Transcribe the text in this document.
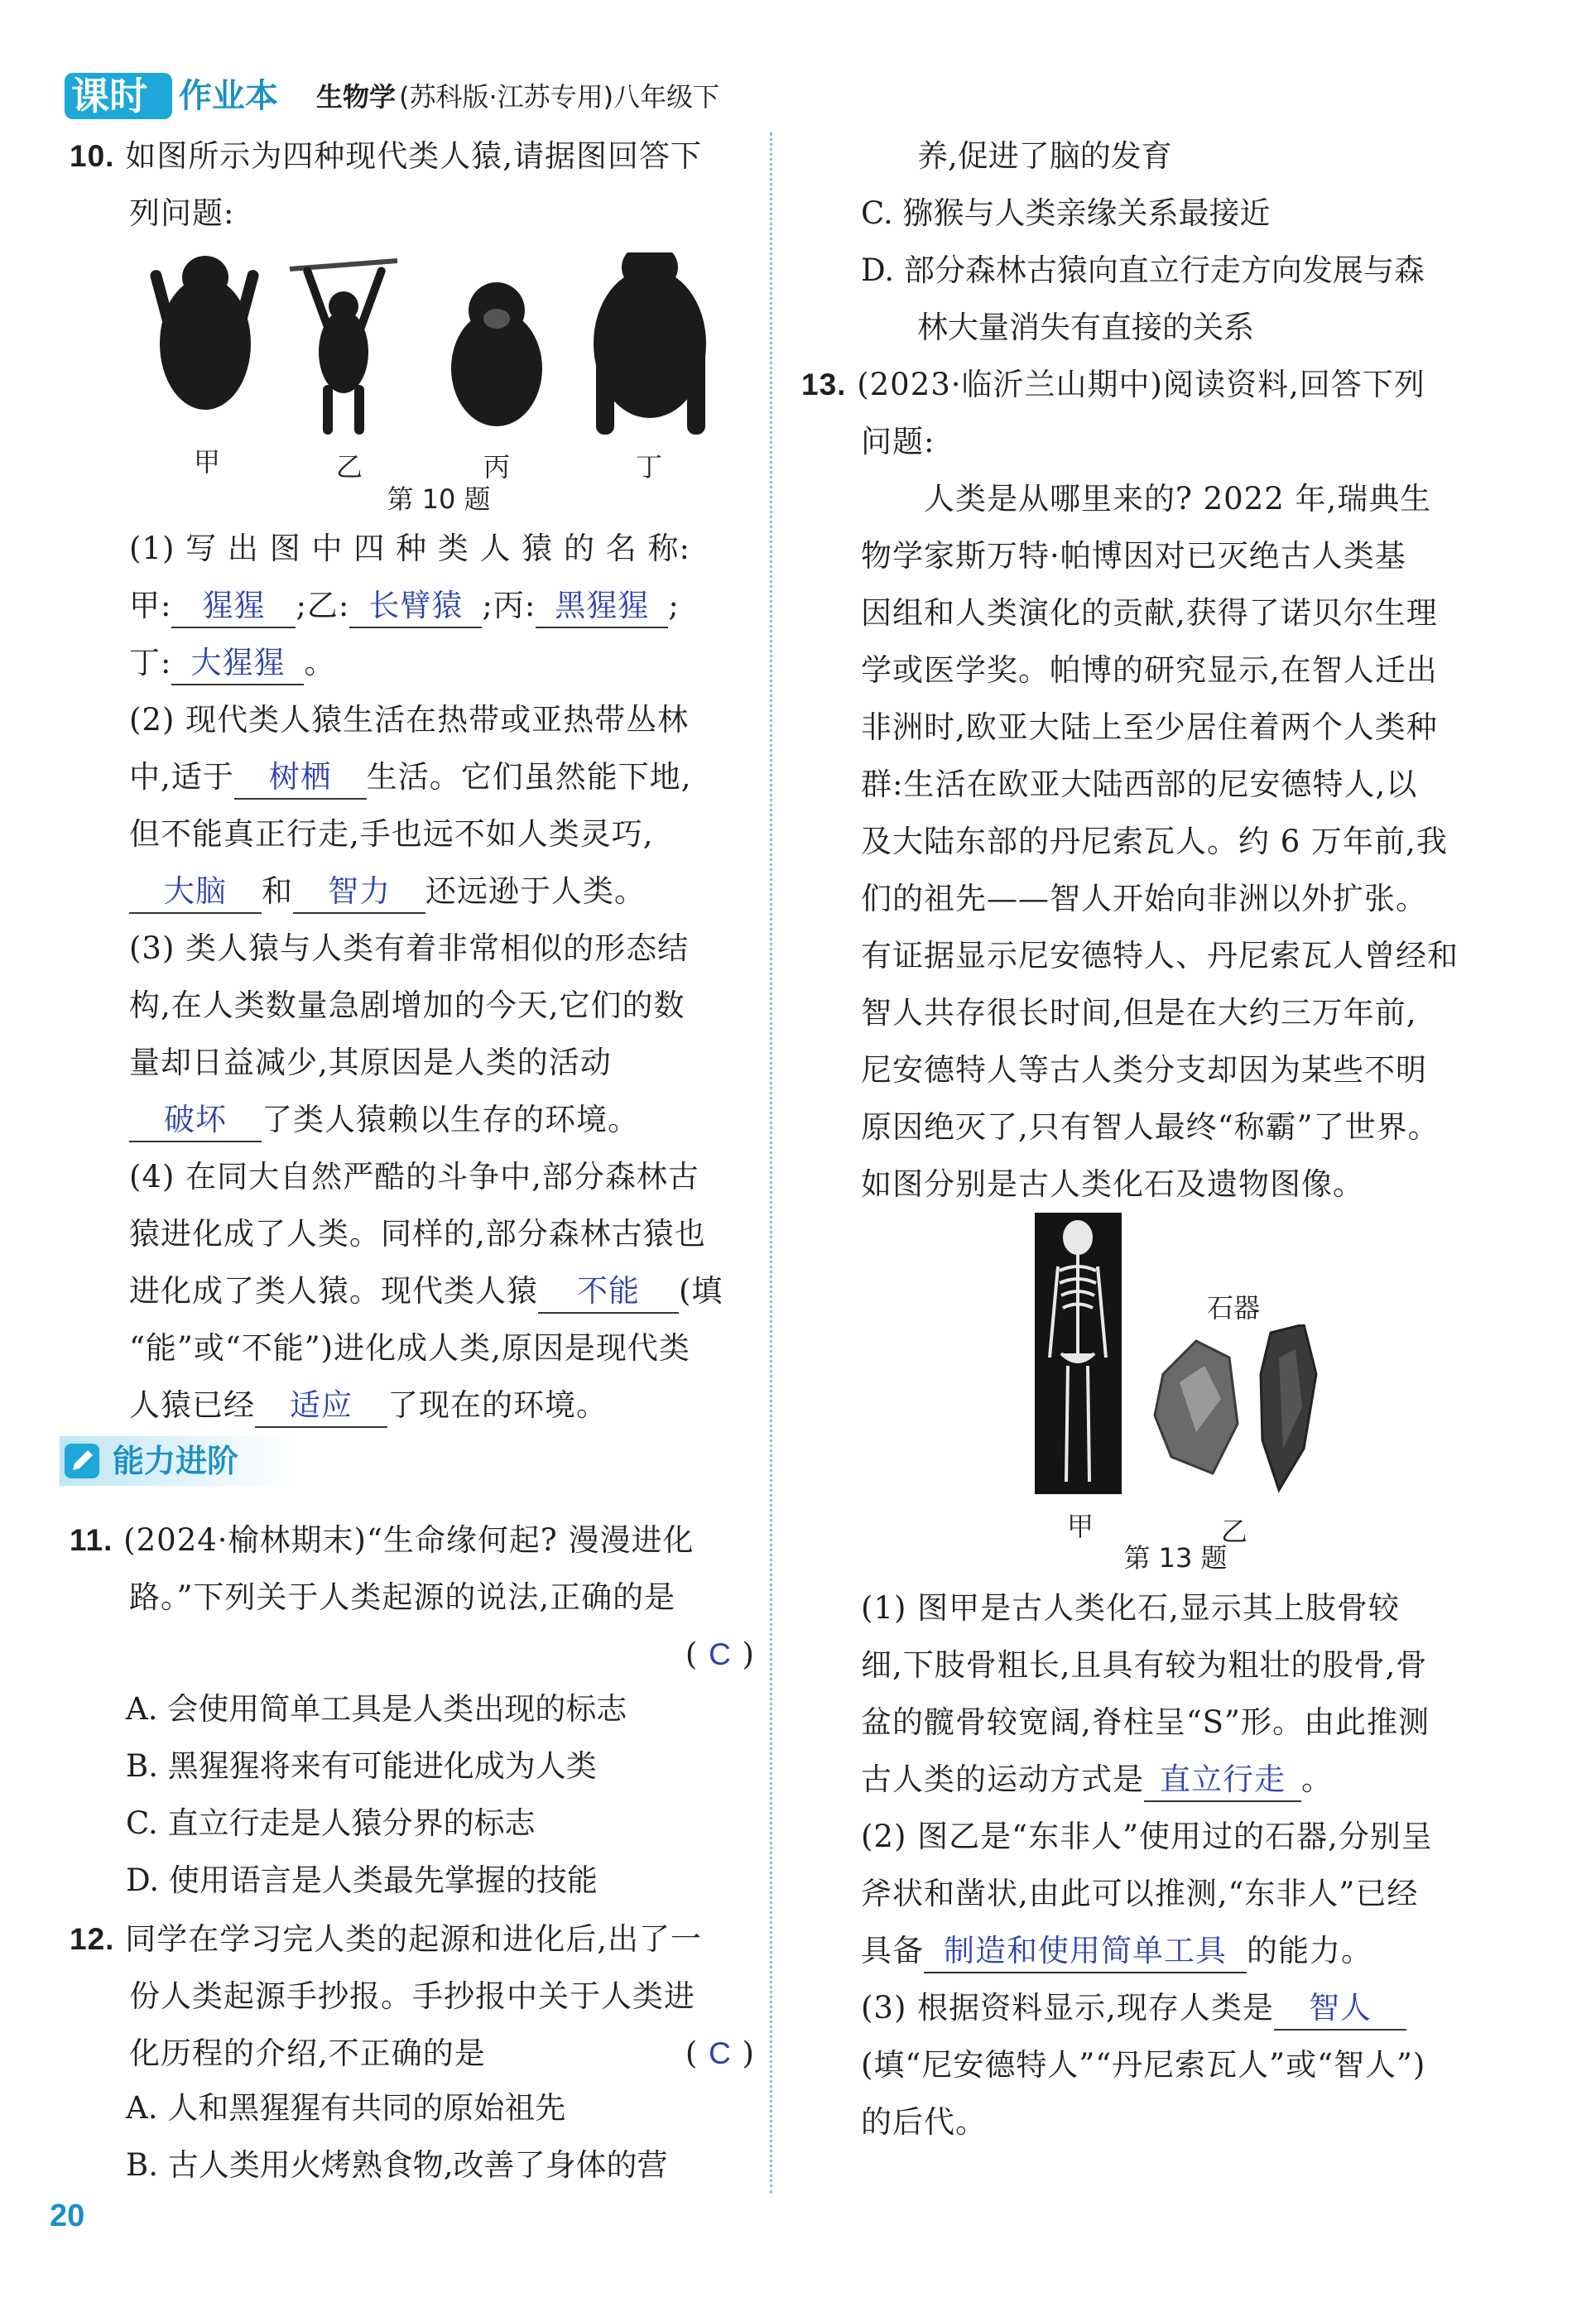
课时 作业本 生物学 (苏科版·江苏专用)八年级下
10. 如图所示为四种现代类人猿,请据图回答下
列问题:
甲	乙	丙	丁
第 10 题
(1) 写 出 图 中 四 种 类 人 猿 的 名 称:
甲: 猩猩 ;乙: 长臂猿 ;丙: 黑猩猩 ;
丁: 大猩猩 。
(2) 现代类人猿生活在热带或亚热带丛林
中,适于 树栖 生活。它们虽然能下地,
但不能真正行走,手也远不如人类灵巧,
大脑 和 智力 还远逊于人类。
(3) 类人猿与人类有着非常相似的形态结
构,在人类数量急剧增加的今天,它们的数
量却日益减少,其原因是人类的活动
破坏 了类人猿赖以生存的环境。
(4) 在同大自然严酷的斗争中,部分森林古
猿进化成了人类。同样的,部分森林古猿也
进化成了类人猿。现代类人猿 不能 (填
“能”或“不能”)进化成人类,原因是现代类
人猿已经 适应 了现在的环境。
能力进阶
11. (2024·榆林期末)“生命缘何起? 漫漫进化
路。”下列关于人类起源的说法,正确的是
( C )
A. 会使用简单工具是人类出现的标志
B. 黑猩猩将来有可能进化成为人类
C. 直立行走是人猿分界的标志
D. 使用语言是人类最先掌握的技能
12. 同学在学习完人类的起源和进化后,出了一
份人类起源手抄报。手抄报中关于人类进
化历程的介绍,不正确的是	( C )
A. 人和黑猩猩有共同的原始祖先
B. 古人类用火烤熟食物,改善了身体的营
20
养,促进了脑的发育
C. 猕猴与人类亲缘关系最接近
D. 部分森林古猿向直立行走方向发展与森
林大量消失有直接的关系
13. (2023·临沂兰山期中)阅读资料,回答下列
问题:
人类是从哪里来的? 2022 年,瑞典生
物学家斯万特·帕博因对已灭绝古人类基
因组和人类演化的贡献,获得了诺贝尔生理
学或医学奖。帕博的研究显示,在智人迁出
非洲时,欧亚大陆上至少居住着两个人类种
群:生活在欧亚大陆西部的尼安德特人,以
及大陆东部的丹尼索瓦人。约 6 万年前,我
们的祖先——智人开始向非洲以外扩张。
有证据显示尼安德特人、丹尼索瓦人曾经和
智人共存很长时间,但是在大约三万年前,
尼安德特人等古人类分支却因为某些不明
原因绝灭了,只有智人最终“称霸”了世界。
如图分别是古人类化石及遗物图像。
石器
甲	乙
第 13 题
(1) 图甲是古人类化石,显示其上肢骨较
细,下肢骨粗长,且具有较为粗壮的股骨,骨
盆的髋骨较宽阔,脊柱呈“S”形。由此推测
古人类的运动方式是 直立行走 。
(2) 图乙是“东非人”使用过的石器,分别呈
斧状和凿状,由此可以推测,“东非人”已经
具备 制造和使用简单工具 的能力。
(3) 根据资料显示,现存人类是 智人
(填“尼安德特人”“丹尼索瓦人”或“智人”)
的后代。
